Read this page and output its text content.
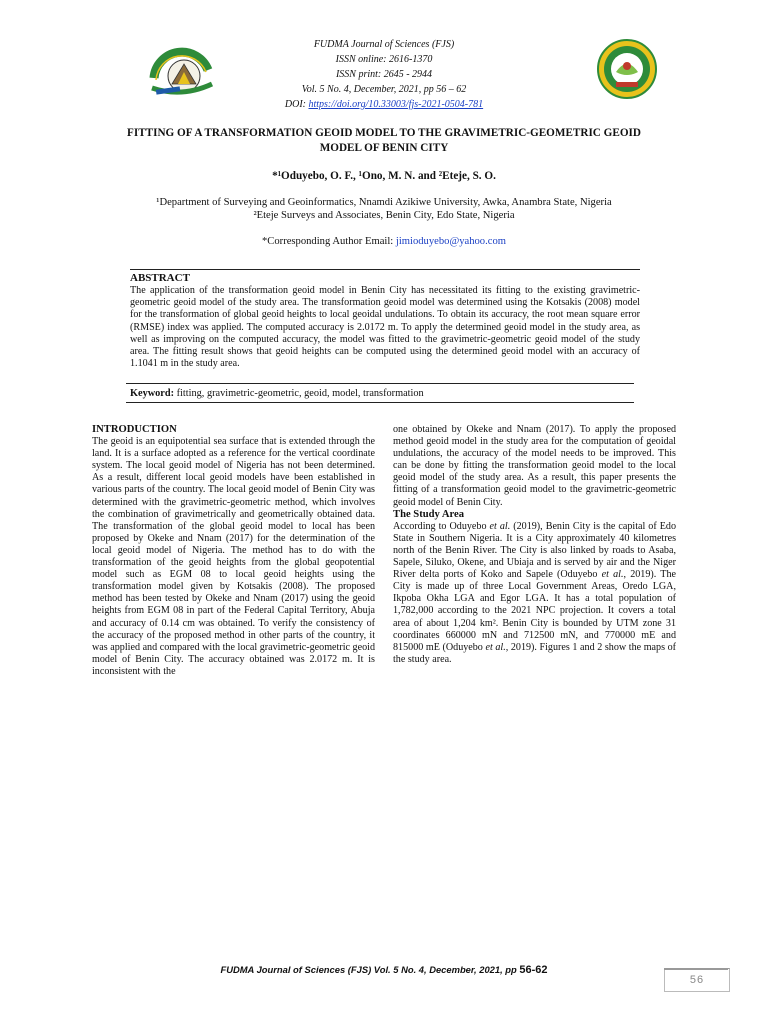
FUDMA Journal of Sciences (FJS)
ISSN online: 2616-1370
ISSN print: 2645 - 2944
Vol. 5 No. 4, December, 2021, pp 56 – 62
DOI: https://doi.org/10.33003/fjs-2021-0504-781
FITTING OF A TRANSFORMATION GEOID MODEL TO THE GRAVIMETRIC-GEOMETRIC GEOID MODEL OF BENIN CITY
*¹Oduyebo, O. F., ¹Ono, M. N. and ²Eteje, S. O.
¹Department of Surveying and Geoinformatics, Nnamdi Azikiwe University, Awka, Anambra State, Nigeria
²Eteje Surveys and Associates, Benin City, Edo State, Nigeria
*Corresponding Author Email: jimioduyebo@yahoo.com
ABSTRACT
The application of the transformation geoid model in Benin City has necessitated its fitting to the existing gravimetric-geometric geoid model of the study area. The transformation geoid model was determined using the Kotsakis (2008) model for the transformation of global geoid heights to local geoidal undulations. To obtain its accuracy, the root mean square error (RMSE) index was applied. The computed accuracy is 2.0172 m. To apply the determined geoid model in the study area, as well as improving on the computed accuracy, the model was fitted to the gravimetric-geometric geoid model of the study area. The fitting result shows that geoid heights can be computed using the determined geoid model with an accuracy of 1.1041 m in the study area.
Keyword: fitting, gravimetric-geometric, geoid, model, transformation
INTRODUCTION

The geoid is an equipotential sea surface that is extended through the land. It is a surface adopted as a reference for the vertical coordinate system. The local geoid model of Nigeria has not been determined. As a result, different local geoid models have been established in various parts of the country. The local geoid model of Benin City was determined with the gravimetric-geometric method, which involves the combination of gravimetrically and geometrically obtained data. The transformation of the global geoid model to local has been proposed by Okeke and Nnam (2017) for the determination of the local geoid model of Nigeria. The method has to do with the transformation of the geoid heights from the global geopotential model such as EGM 08 to local geoid heights using the transformation model given by Kotsakis (2008). The proposed method has been tested by Okeke and Nnam (2017) using the geoid heights from EGM 08 in part of the Federal Capital Territory, Abuja and accuracy of 0.14 cm was obtained. To verify the consistency of the accuracy of the proposed method in other parts of the country, it was applied and compared with the local gravimetric-geometric geoid model of Benin City. The accuracy obtained was 2.0172 m. It is inconsistent with the

one obtained by Okeke and Nnam (2017). To apply the proposed method geoid model in the study area for the computation of geoidal undulations, the accuracy of the model needs to be improved. This can be done by fitting the transformation geoid model to the local geoid model of the study area. As a result, this paper presents the fitting of a transformation geoid model to the gravimetric-geometric geoid model of Benin City.

The Study Area

According to Oduyebo et al. (2019), Benin City is the capital of Edo State in Southern Nigeria. It is a City approximately 40 kilometres north of the Benin River. The City is also linked by roads to Asaba, Sapele, Siluko, Okene, and Ubiaja and is served by air and the Niger River delta ports of Koko and Sapele (Oduyebo et al., 2019). The City is made up of three Local Government Areas, Oredo LGA, Ikpoba Okha LGA and Egor LGA. It has a total population of 1,782,000 according to the 2021 NPC projection. It covers a total area of about 1,204 km². Benin City is bounded by UTM zone 31 coordinates 660000 mN and 712500 mN, and 770000 mE and 815000 mE (Oduyebo et al., 2019). Figures 1 and 2 show the maps of the study area.

FUDMA Journal of Sciences (FJS) Vol. 5 No. 4, December, 2021, pp 56-62
56
